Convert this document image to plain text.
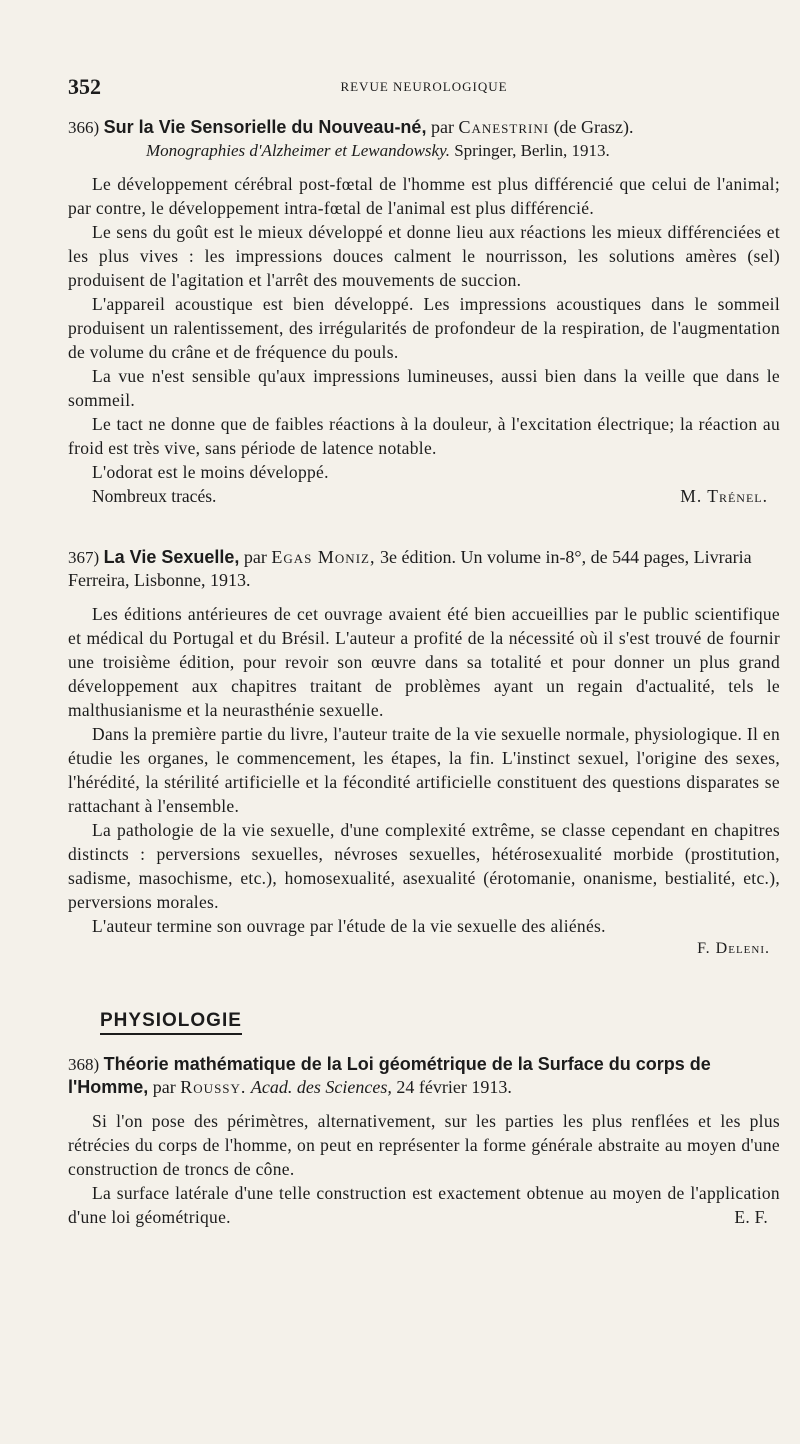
352	REVUE NEUROLOGIQUE
366) Sur la Vie Sensorielle du Nouveau-né, par Canestrini (de Grasz).
Monographies d'Alzheimer et Lewandowsky. Springer, Berlin, 1913.

Le développement cérébral post-fœtal de l'homme est plus différencié que celui de l'animal; par contre, le développement intra-fœtal de l'animal est plus différencié.

Le sens du goût est le mieux développé et donne lieu aux réactions les mieux différenciées et les plus vives : les impressions douces calment le nourrisson, les solutions amères (sel) produisent de l'agitation et l'arrêt des mouvements de succion.

L'appareil acoustique est bien développé. Les impressions acoustiques dans le sommeil produisent un ralentissement, des irrégularités de profondeur de la respiration, de l'augmentation de volume du crâne et de fréquence du pouls.

La vue n'est sensible qu'aux impressions lumineuses, aussi bien dans la veille que dans le sommeil.

Le tact ne donne que de faibles réactions à la douleur, à l'excitation électrique; la réaction au froid est très vive, sans période de latence notable.

L'odorat est le moins développé.

Nombreux tracés.	M. Trénel.
367) La Vie Sexuelle, par Egas Moniz, 3e édition. Un volume in-8°, de 544 pages, Livraria Ferreira, Lisbonne, 1913.

Les éditions antérieures de cet ouvrage avaient été bien accueillies par le public scientifique et médical du Portugal et du Brésil. L'auteur a profité de la nécessité où il s'est trouvé de fournir une troisième édition, pour revoir son œuvre dans sa totalité et pour donner un plus grand développement aux chapitres traitant de problèmes ayant un regain d'actualité, tels le malthusianisme et la neurasthénie sexuelle.

Dans la première partie du livre, l'auteur traite de la vie sexuelle normale, physiologique. Il en étudie les organes, le commencement, les étapes, la fin. L'instinct sexuel, l'origine des sexes, l'hérédité, la stérilité artificielle et la fécondité artificielle constituent des questions disparates se rattachant à l'ensemble.

La pathologie de la vie sexuelle, d'une complexité extrême, se classe cependant en chapitres distincts : perversions sexuelles, névroses sexuelles, hétérosexualité morbide (prostitution, sadisme, masochisme, etc.), homosexualité, asexualité (érotomanie, onanisme, bestialité, etc.), perversions morales.

L'auteur termine son ouvrage par l'étude de la vie sexuelle des aliénés.

F. Deleni.
PHYSIOLOGIE
368) Théorie mathématique de la Loi géométrique de la Surface du corps de l'Homme, par Roussy. Acad. des Sciences, 24 février 1913.

Si l'on pose des périmètres, alternativement, sur les parties les plus renflées et les plus rétrécies du corps de l'homme, on peut en représenter la forme générale abstraite au moyen d'une construction de troncs de cône.

La surface latérale d'une telle construction est exactement obtenue au moyen de l'application d'une loi géométrique.	E. F.
